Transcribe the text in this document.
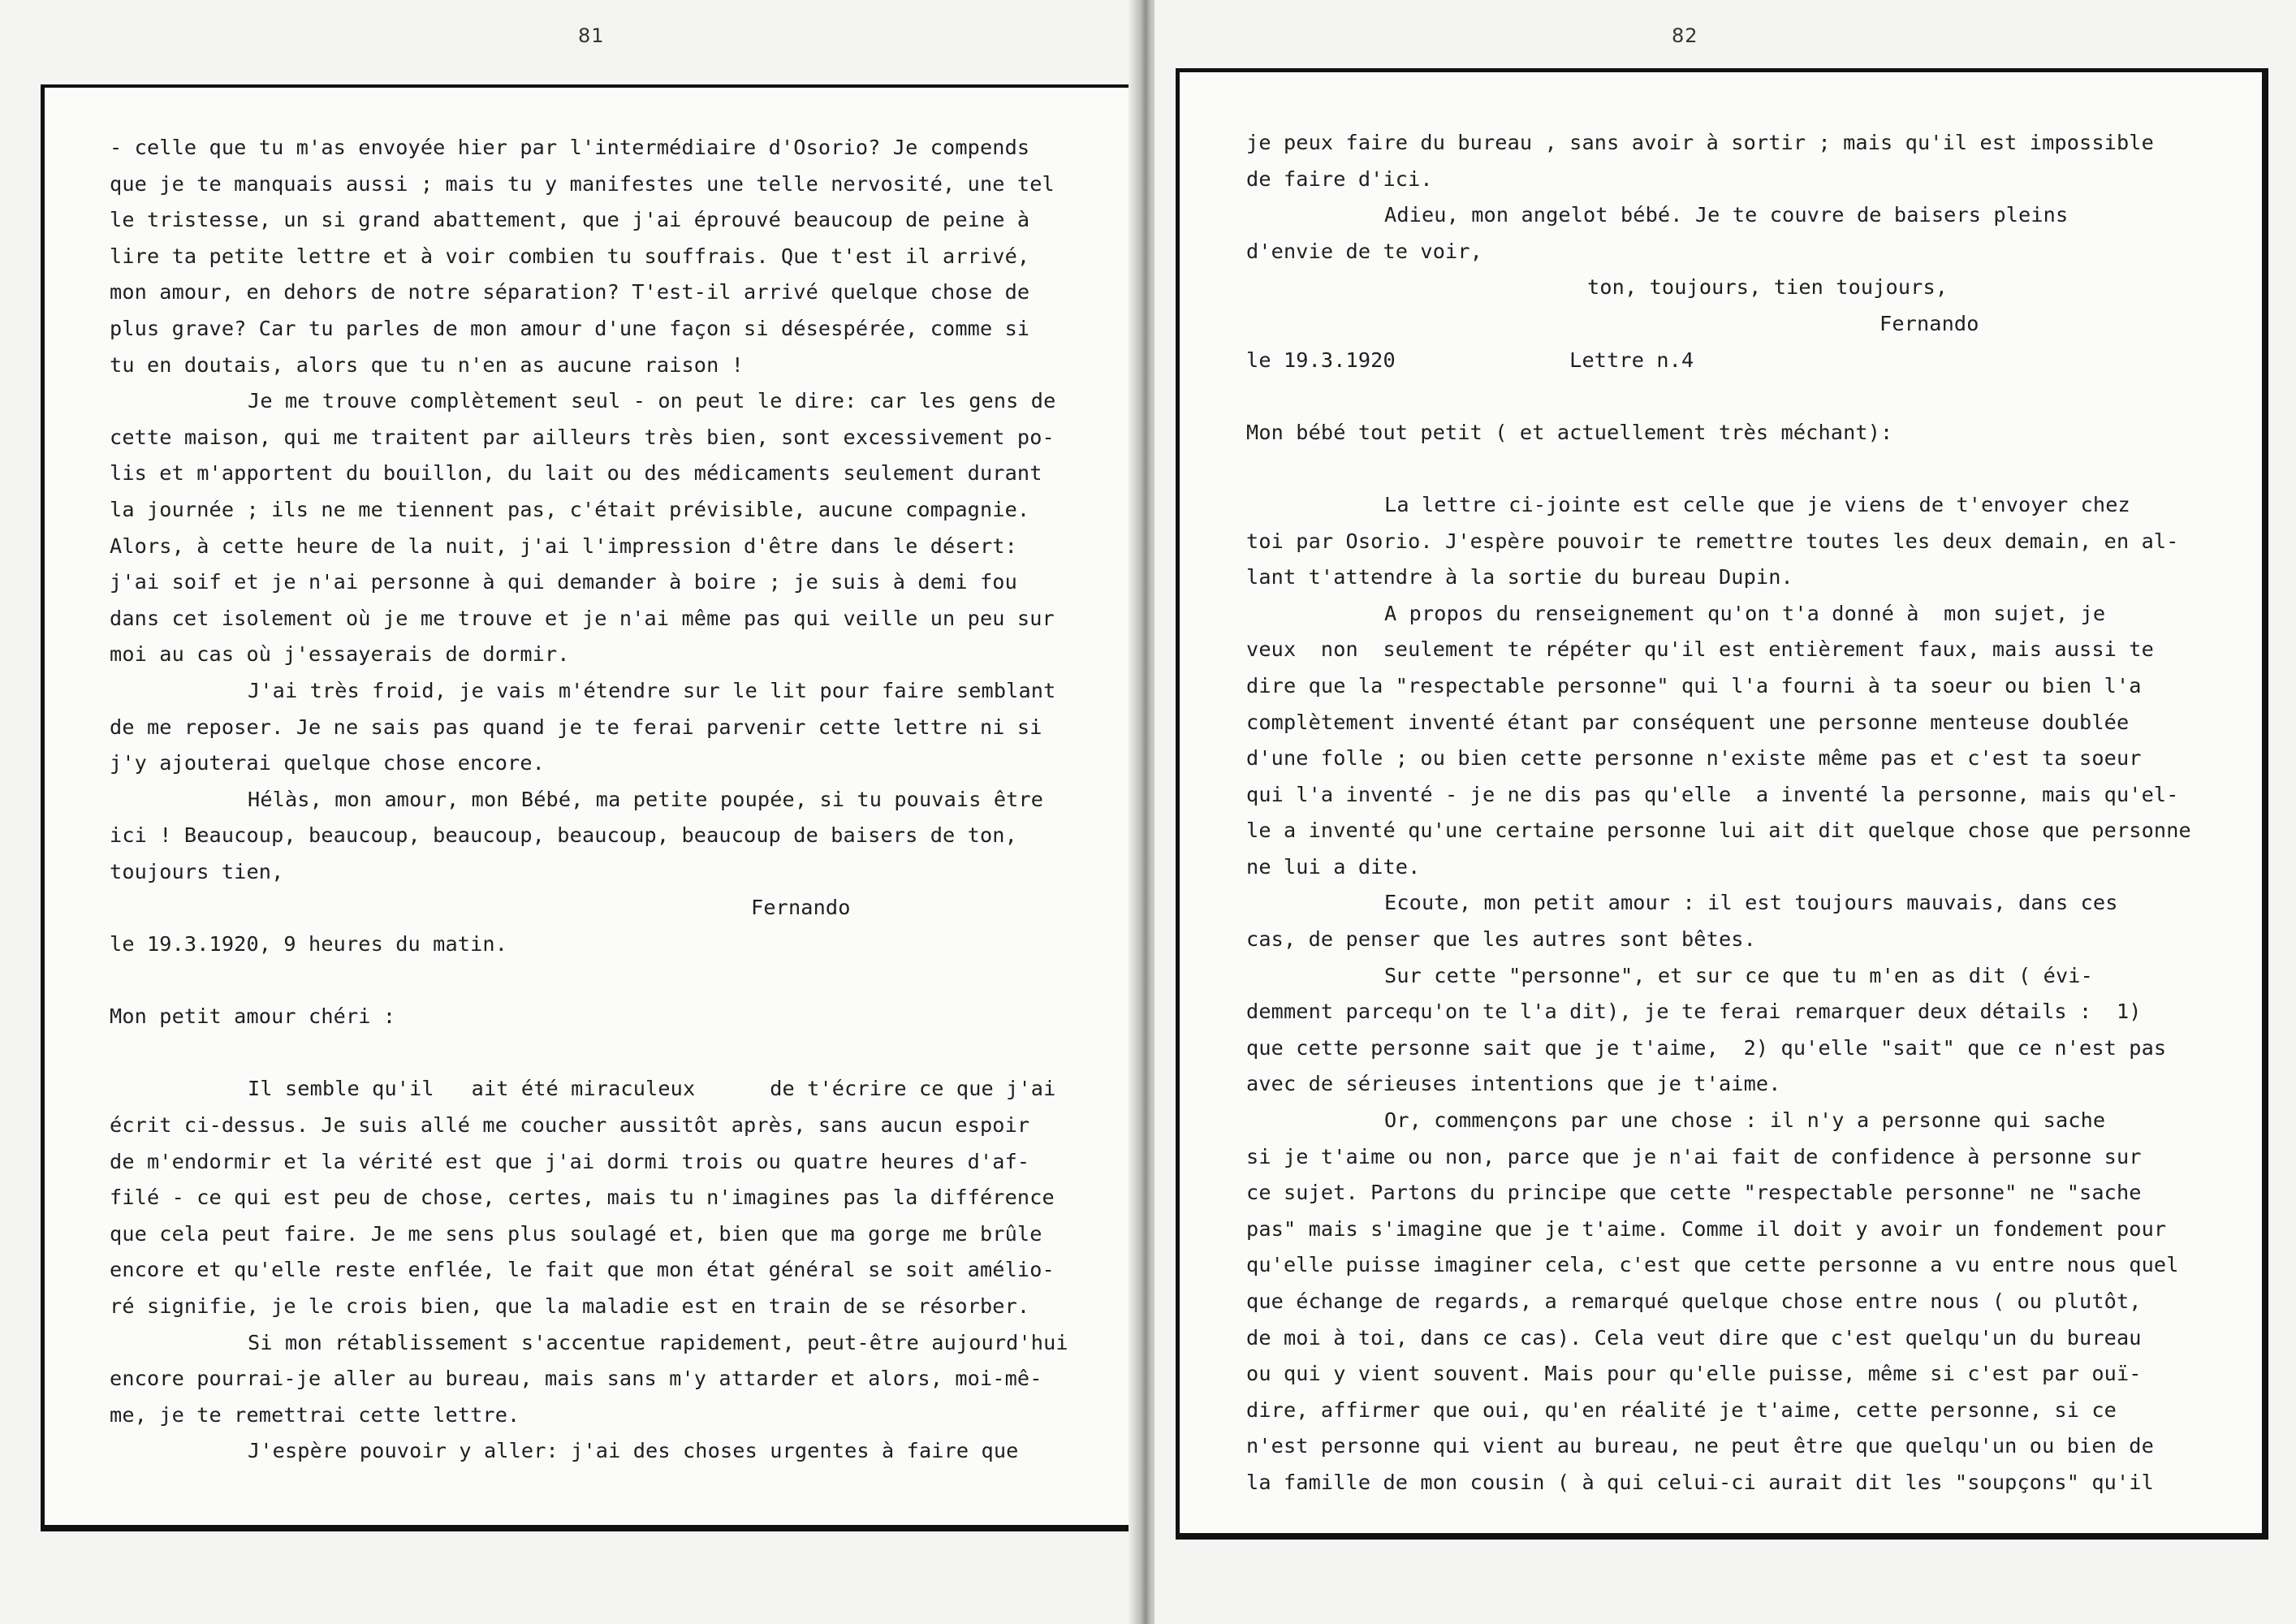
81
- celle que tu m'as envoyée hier par l'intermédiaire d'Osorio? Je compends
que je te manquais aussi ; mais tu y manifestes une telle nervosité, une tel
le tristesse, un si grand abattement, que j'ai éprouvé beaucoup de peine à
lire ta petite lettre et à voir combien tu souffrais. Que t'est il arrivé,
mon amour, en dehors de notre séparation? T'est-il arrivé quelque chose de
plus grave? Car tu parles de mon amour d'une façon si désespérée, comme si
tu en doutais, alors que tu n'en as aucune raison !
Je me trouve complètement seul - on peut le dire: car les gens de
cette maison, qui me traitent par ailleurs très bien, sont excessivement po-
lis et m'apportent du bouillon, du lait ou des médicaments seulement durant
la journée ; ils ne me tiennent pas, c'était prévisible, aucune compagnie.
Alors, à cette heure de la nuit, j'ai l'impression d'être dans le désert:
j'ai soif et je n'ai personne à qui demander à boire ; je suis à demi fou
dans cet isolement où je me trouve et je n'ai même pas qui veille un peu sur
moi au cas où j'essayerais de dormir.
J'ai très froid, je vais m'étendre sur le lit pour faire semblant
de me reposer. Je ne sais pas quand je te ferai parvenir cette lettre ni si
j'y ajouterai quelque chose encore.
Hélàs, mon amour, mon Bébé, ma petite poupée, si tu pouvais être
ici ! Beaucoup, beaucoup, beaucoup, beaucoup, beaucoup de baisers de ton,
toujours tien,
Fernando
le 19.3.1920, 9 heures du matin.
Mon petit amour chéri :
Il semble qu'il   ait été miraculeux      de t'écrire ce que j'ai
écrit ci-dessus. Je suis allé me coucher aussitôt après, sans aucun espoir
de m'endormir et la vérité est que j'ai dormi trois ou quatre heures d'af-
filé - ce qui est peu de chose, certes, mais tu n'imagines pas la différence
que cela peut faire. Je me sens plus soulagé et, bien que ma gorge me brûle
encore et qu'elle reste enflée, le fait que mon état général se soit amélio-
ré signifie, je le crois bien, que la maladie est en train de se résorber.
Si mon rétablissement s'accentue rapidement, peut-être aujourd'hui
encore pourrai-je aller au bureau, mais sans m'y attarder et alors, moi-mê-
me, je te remettrai cette lettre.
J'espère pouvoir y aller: j'ai des choses urgentes à faire que
82
je peux faire du bureau , sans avoir à sortir ; mais qu'il est impossible
de faire d'ici.
Adieu, mon angelot bébé. Je te couvre de baisers pleins
d'envie de te voir,
ton, toujours, tien toujours,
Fernando
le 19.3.1920              Lettre n.4
Mon bébé tout petit ( et actuellement très méchant):
La lettre ci-jointe est celle que je viens de t'envoyer chez
toi par Osorio. J'espère pouvoir te remettre toutes les deux demain, en al-
lant t'attendre à la sortie du bureau Dupin.
A propos du renseignement qu'on t'a donné à  mon sujet, je
veux  non  seulement te répéter qu'il est entièrement faux, mais aussi te
dire que la "respectable personne" qui l'a fourni à ta soeur ou bien l'a
complètement inventé étant par conséquent une personne menteuse doublée
d'une folle ; ou bien cette personne n'existe même pas et c'est ta soeur
qui l'a inventé - je ne dis pas qu'elle  a inventé la personne, mais qu'el-
le a inventé qu'une certaine personne lui ait dit quelque chose que personne
ne lui a dite.
Ecoute, mon petit amour : il est toujours mauvais, dans ces
cas, de penser que les autres sont bêtes.
Sur cette "personne", et sur ce que tu m'en as dit ( évi-
demment parcequ'on te l'a dit), je te ferai remarquer deux détails :  1)
que cette personne sait que je t'aime,  2) qu'elle "sait" que ce n'est pas
avec de sérieuses intentions que je t'aime.
Or, commençons par une chose : il n'y a personne qui sache
si je t'aime ou non, parce que je n'ai fait de confidence à personne sur
ce sujet. Partons du principe que cette "respectable personne" ne "sache
pas" mais s'imagine que je t'aime. Comme il doit y avoir un fondement pour
qu'elle puisse imaginer cela, c'est que cette personne a vu entre nous quel
que échange de regards, a remarqué quelque chose entre nous ( ou plutôt,
de moi à toi, dans ce cas). Cela veut dire que c'est quelqu'un du bureau
ou qui y vient souvent. Mais pour qu'elle puisse, même si c'est par ouï-
dire, affirmer que oui, qu'en réalité je t'aime, cette personne, si ce
n'est personne qui vient au bureau, ne peut être que quelqu'un ou bien de
la famille de mon cousin ( à qui celui-ci aurait dit les "soupçons" qu'il
